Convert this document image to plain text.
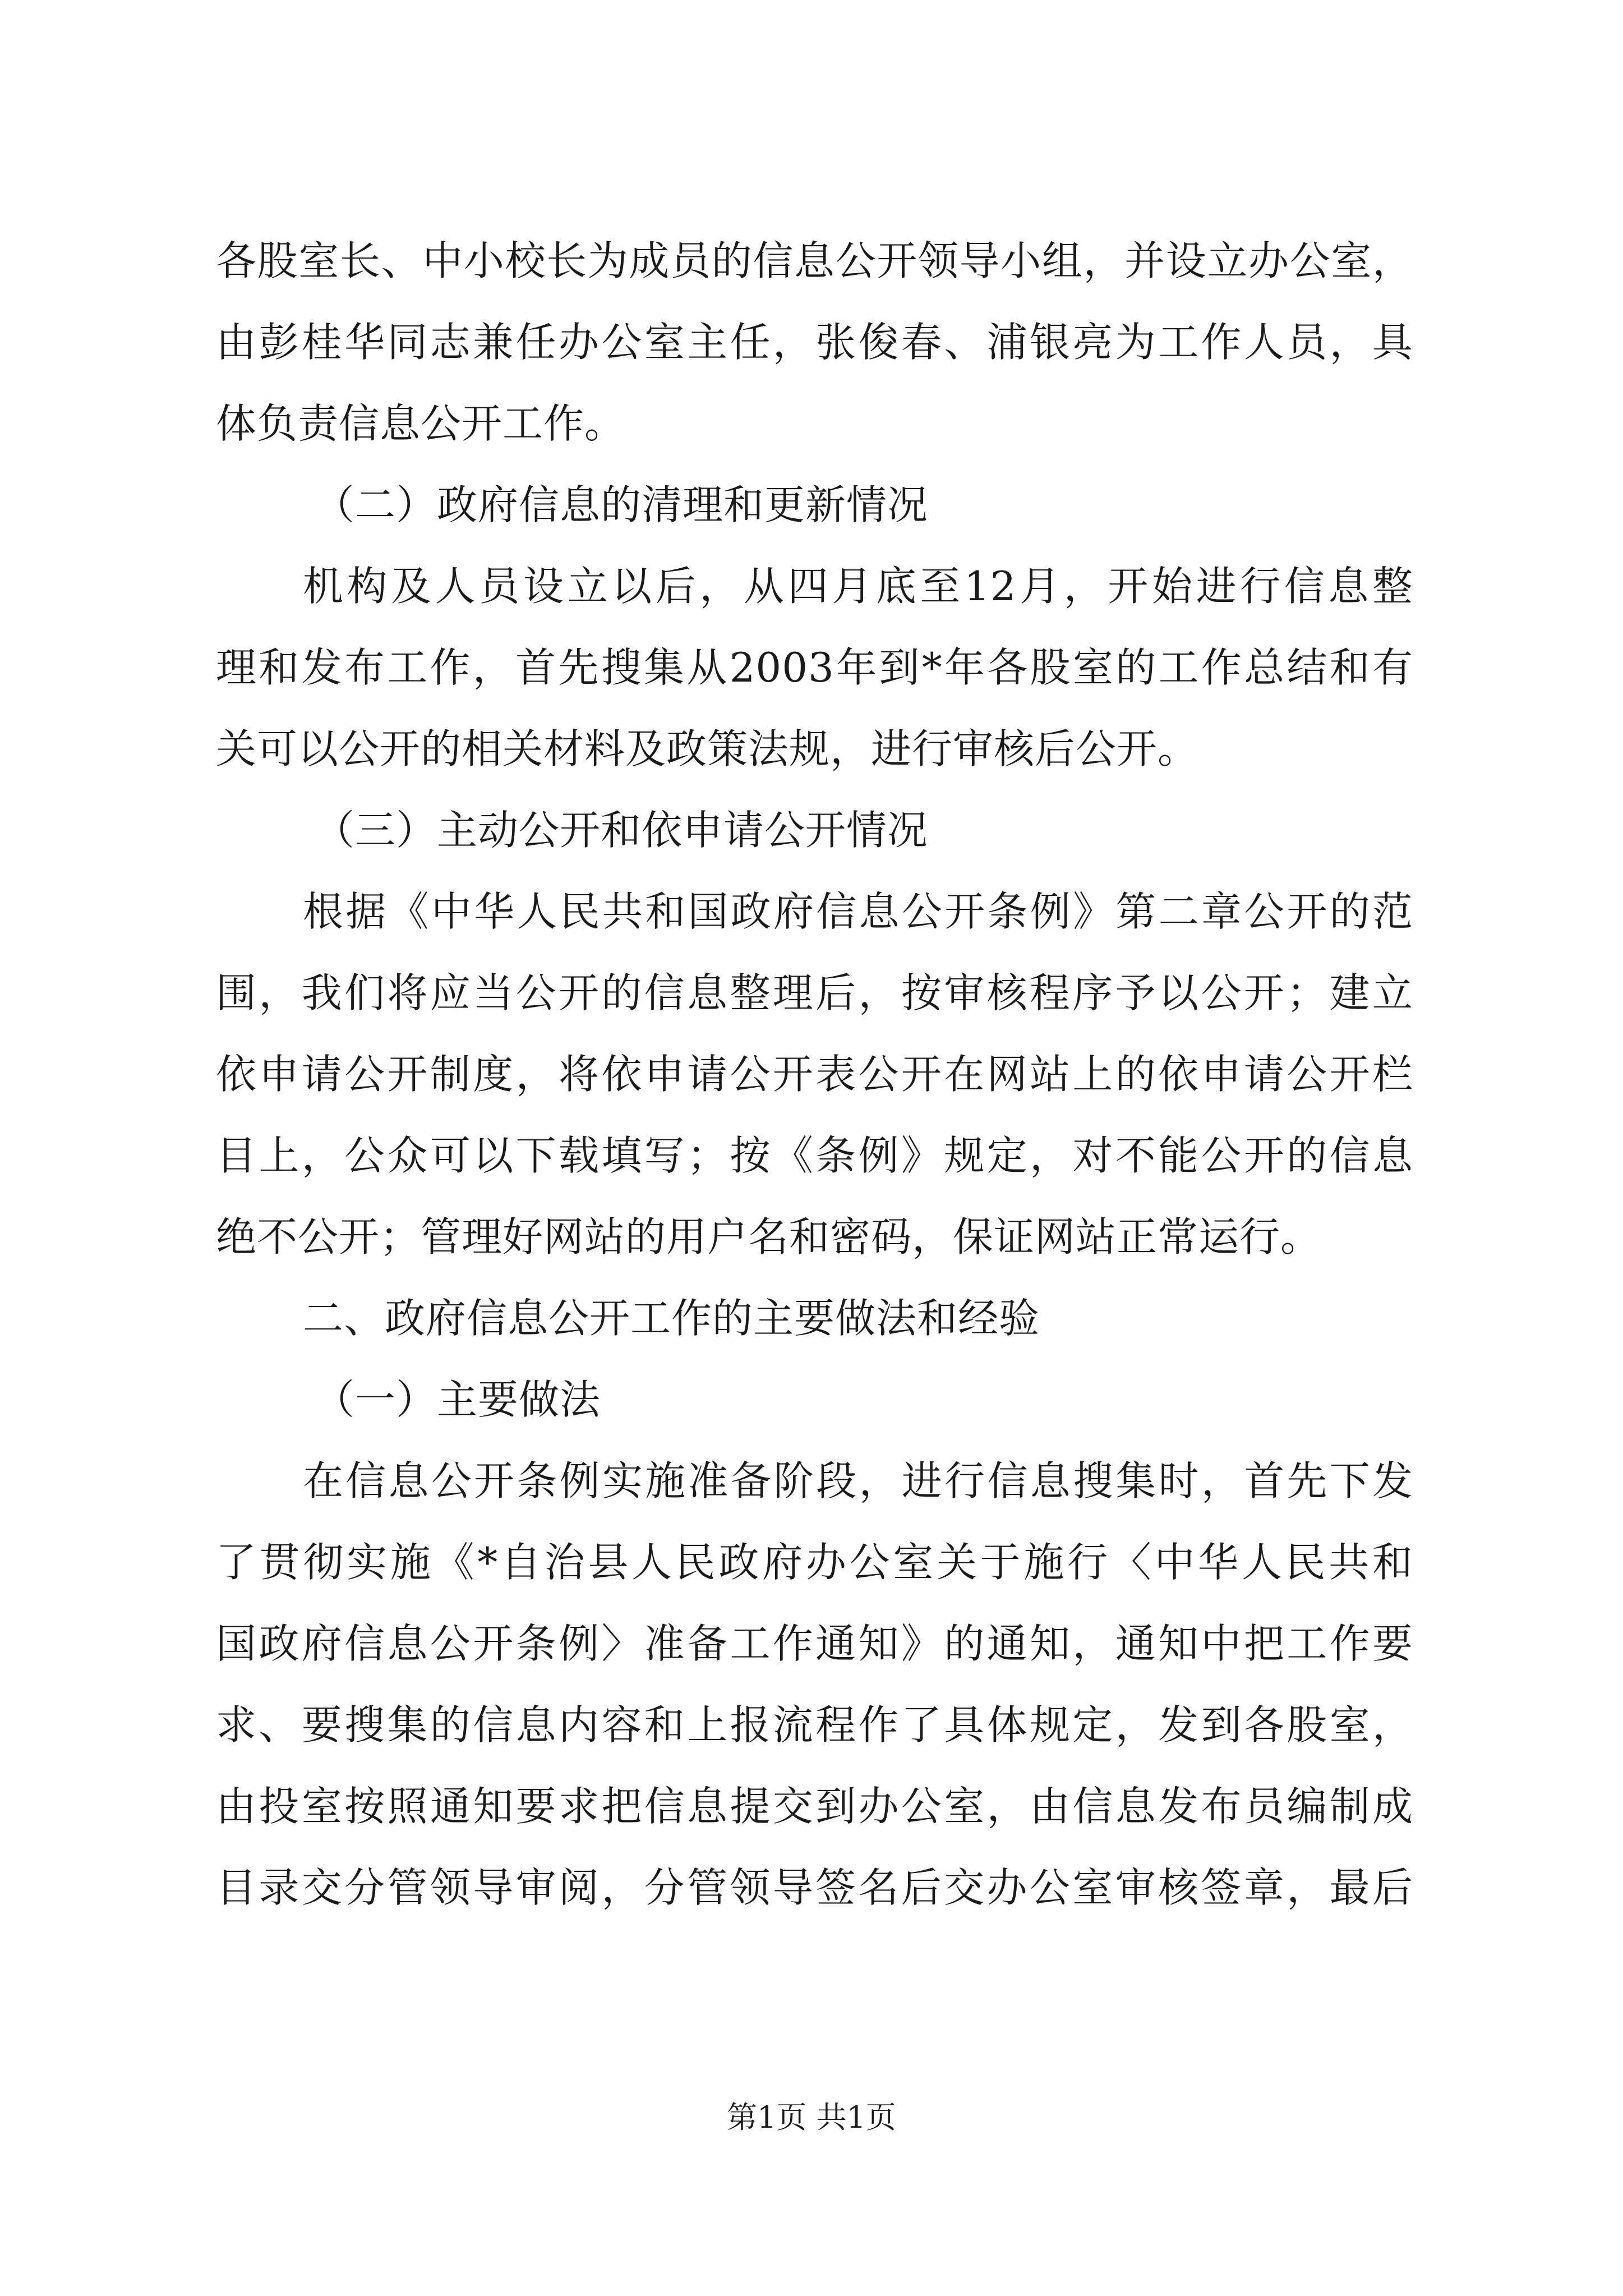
各股室长、中小校长为成员的信息公开领导小组，并设立办公室，
由彭桂华同志兼任办公室主任，张俊春、浦银亮为工作人员，具
体负责信息公开工作。
（二）政府信息的清理和更新情况
机构及人员设立以后，从四月底至12月，开始进行信息整
理和发布工作，首先搜集从2003年到*年各股室的工作总结和有
关可以公开的相关材料及政策法规，进行审核后公开。
（三）主动公开和依申请公开情况
根据《中华人民共和国政府信息公开条例》第二章公开的范
围，我们将应当公开的信息整理后，按审核程序予以公开；建立
依申请公开制度，将依申请公开表公开在网站上的依申请公开栏
目上，公众可以下载填写；按《条例》规定，对不能公开的信息
绝不公开；管理好网站的用户名和密码，保证网站正常运行。
二、政府信息公开工作的主要做法和经验
（一）主要做法
在信息公开条例实施准备阶段，进行信息搜集时，首先下发
了贯彻实施《*自治县人民政府办公室关于施行〈中华人民共和
国政府信息公开条例〉准备工作通知》的通知，通知中把工作要
求、要搜集的信息内容和上报流程作了具体规定，发到各股室，
由投室按照通知要求把信息提交到办公室，由信息发布员编制成
目录交分管领导审阅，分管领导签名后交办公室审核签章，最后
第1页 共1页
